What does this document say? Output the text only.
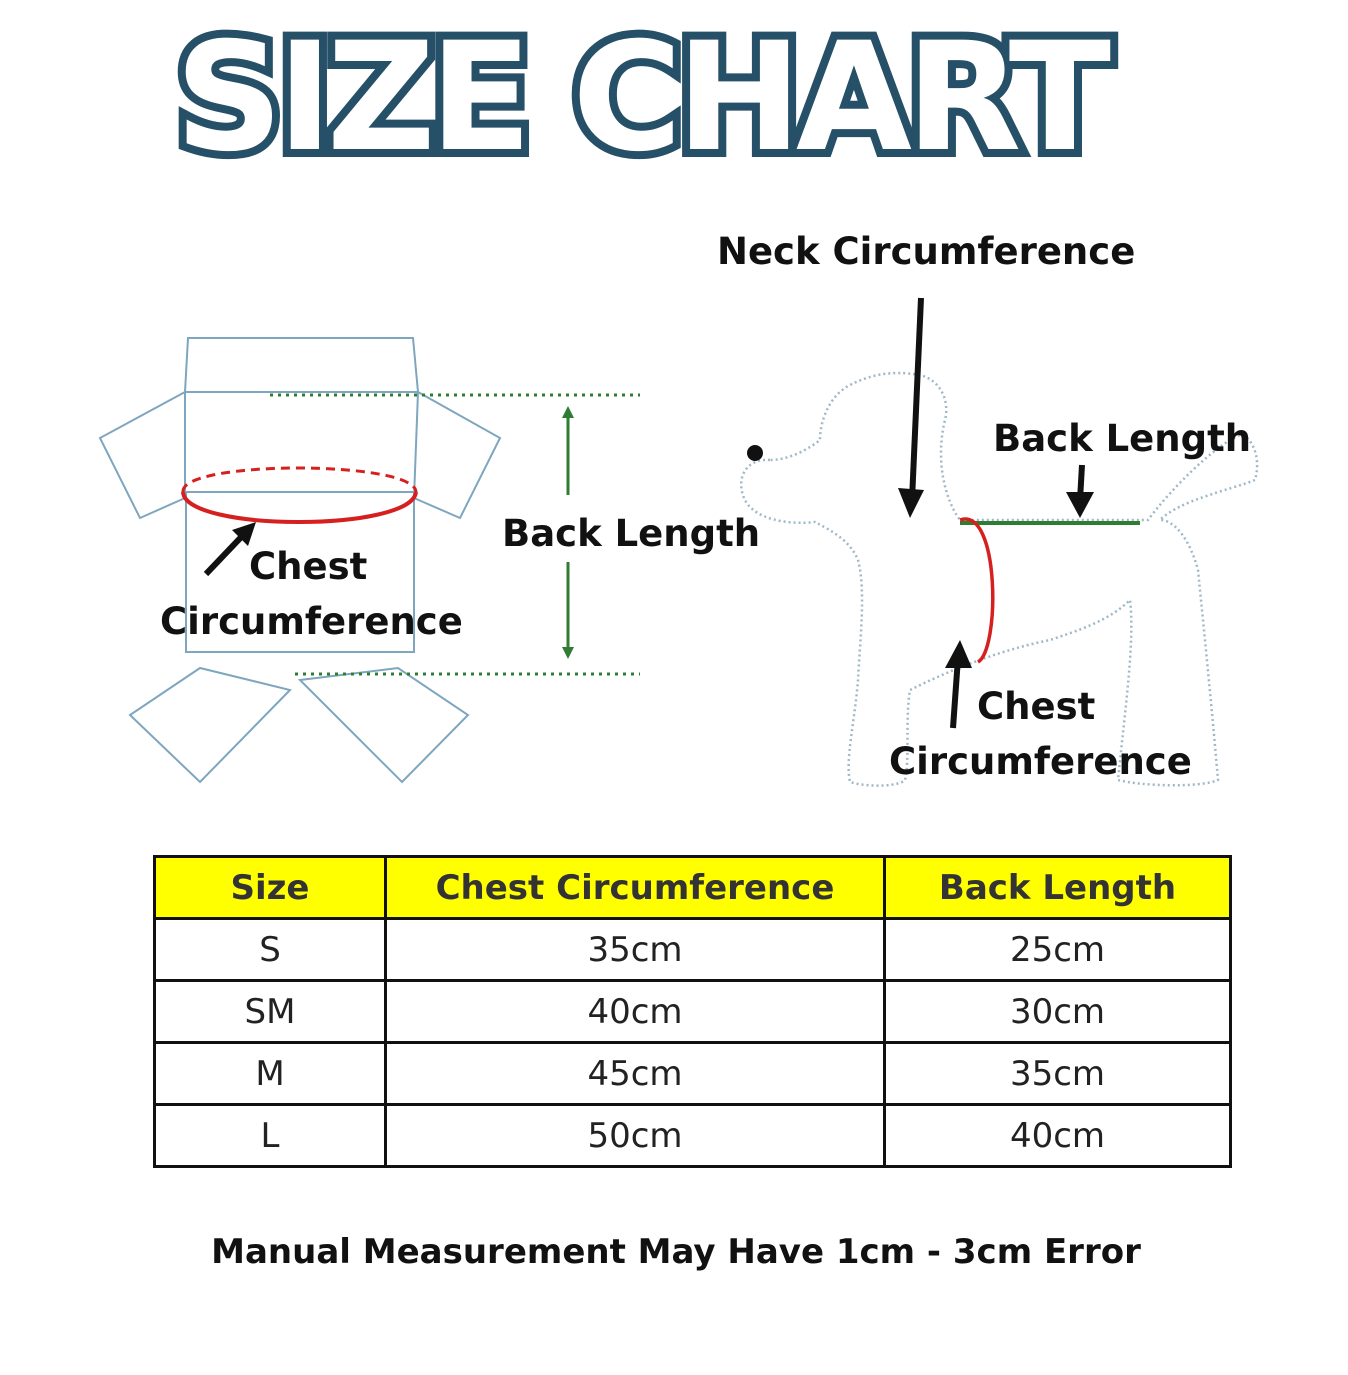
SIZE CHART
Neck Circumference
Back Length
Back Length
Chest
Circumference
Chest
Circumference
Size	Chest Circumference	Back Length
S	35cm	25cm
SM	40cm	30cm
M	45cm	35cm
L	50cm	40cm
Manual Measurement May Have 1cm - 3cm Error
